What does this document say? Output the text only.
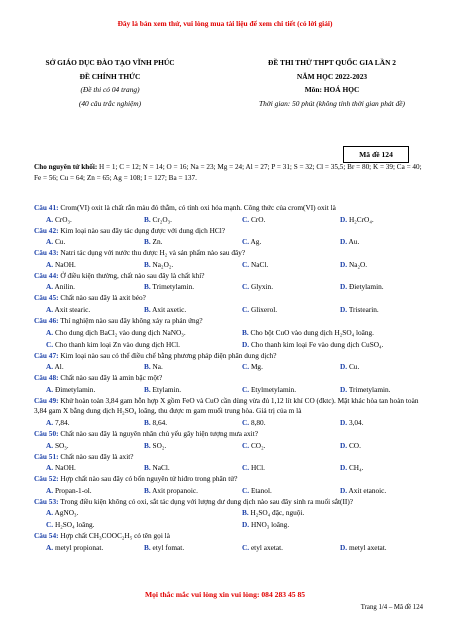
Đây là bản xem thử, vui lòng mua tài liệu để xem chi tiết (có lời giải)
SỞ GIÁO DỤC ĐÀO TẠO VĨNH PHÚC
ĐỀ CHÍNH THỨC
(Đề thi có 04 trang)
(40 câu trắc nghiệm)
ĐỀ THI THỬ THPT QUỐC GIA LẦN 2
NĂM HỌC 2022-2023
Môn: HOÁ HỌC
Thời gian: 50 phút (không tính thời gian phát đề)
Mã đề 124
Cho nguyên tử khối: H = 1; C = 12; N = 14; O = 16; Na = 23; Mg = 24; Al = 27; P = 31; S = 32; Cl = 35,5; Br = 80; K = 39; Ca = 40; Fe = 56; Cu = 64; Zn = 65; Ag = 108; I = 127; Ba = 137.
Câu 41: Crom(VI) oxit là chất rắn màu đỏ thẫm, có tính oxi hóa mạnh. Công thức của crom(VI) oxit là
A. CrO₃.	B. Cr₂O₃.	C. CrO.	D. H₂CrO₄.
Câu 42: Kim loại nào sau đây tác dụng được với dung dịch HCl?
A. Cu.	B. Zn.	C. Ag.	D. Au.
Câu 43: Natri tác dụng với nước thu được H₂ và sản phẩm nào sau đây?
A. NaOH.	B. Na₂O₂.	C. NaCl.	D. Na₂O.
Câu 44: Ở điều kiện thường, chất nào sau đây là chất khí?
A. Anilin.	B. Trimetylamin.	C. Glyxin.	D. Đietylamin.
Câu 45: Chất nào sau đây là axit béo?
A. Axit stearic.	B. Axit axetic.	C. Glixerol.	D. Tristearin.
Câu 46: Thí nghiệm nào sau đây không xảy ra phản ứng?
A. Cho dung dịch BaCl₂ vào dung dịch NaNO₃.	B. Cho bột CuO vào dung dịch H₂SO₄ loãng.
C. Cho thanh kim loại Zn vào dung dịch HCl.	D. Cho thanh kim loại Fe vào dung dịch CuSO₄.
Câu 47: Kim loại nào sau có thể điều chế bằng phương pháp điện phân dung dịch?
A. Al.	B. Na.	C. Mg.	D. Cu.
Câu 48: Chất nào sau đây là amin bậc một?
A. Đimetylamin.	B. Etylamin.	C. Etylmetylamin.	D. Trimetylamin.
Câu 49: Khử hoàn toàn 3,84 gam hỗn hợp X gồm FeO và CuO cần dùng vừa đủ 1,12 lít khí CO (đktc). Mặt khác hòa tan hoàn toàn 3,84 gam X bằng dung dịch H₂SO₄ loãng, thu được m gam muối trung hòa. Giá trị của m là
A. 7,84.	B. 8,64.	C. 8,80.	D. 3,04.
Câu 50: Chất nào sau đây là nguyên nhân chủ yếu gây hiện tượng mưa axit?
A. SO₃.	B. SO₂.	C. CO₂.	D. CO.
Câu 51: Chất nào sau đây là axit?
A. NaOH.	B. NaCl.	C. HCl.	D. CH₄.
Câu 52: Hợp chất nào sau đây có bốn nguyên tử hiđro trong phân tử?
A. Propan-1-ol.	B. Axit propanoic.	C. Etanol.	D. Axit etanoic.
Câu 53: Trong điều kiện không có oxi, sắt tác dụng với lượng dư dung dịch nào sau đây sinh ra muối sắt(II)?
A. AgNO₃.	B. H₂SO₄ đặc, nguội.
C. H₂SO₄ loãng.	D. HNO₃ loãng.
Câu 54: Hợp chất CH₃COOC₂H₅ có tên gọi là
A. metyl propionat.	B. etyl fomat.	C. etyl axetat.	D. metyl axetat.
Mọi thắc mắc vui lòng xin vui lòng: 084 283 45 85
Trang 1/4 – Mã đề 124
